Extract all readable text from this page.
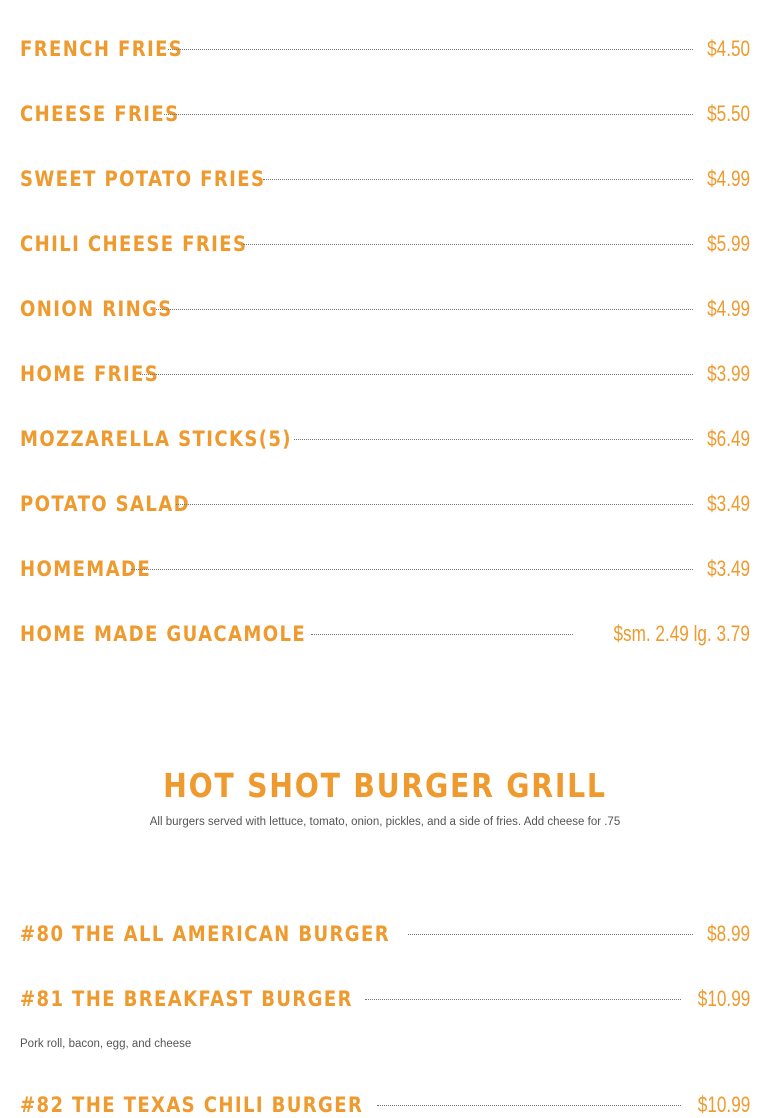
FRENCH FRIES	$4.50
CHEESE FRIES	$5.50
SWEET POTATO FRIES	$4.99
CHILI CHEESE FRIES	$5.99
ONION RINGS	$4.99
HOME FRIES	$3.99
MOZZARELLA STICKS(5)	$6.49
POTATO SALAD	$3.49
HOMEMADE	$3.49
HOME MADE GUACAMOLE	$sm. 2.49 lg. 3.79
HOT SHOT BURGER GRILL
All burgers served with lettuce, tomato, onion, pickles, and a side of fries. Add cheese for .75
#80 THE ALL AMERICAN BURGER	$8.99
#81 THE BREAKFAST BURGER	$10.99
#82 THE TEXAS CHILI BURGER	$10.99
Pork roll, bacon, egg, and cheese
